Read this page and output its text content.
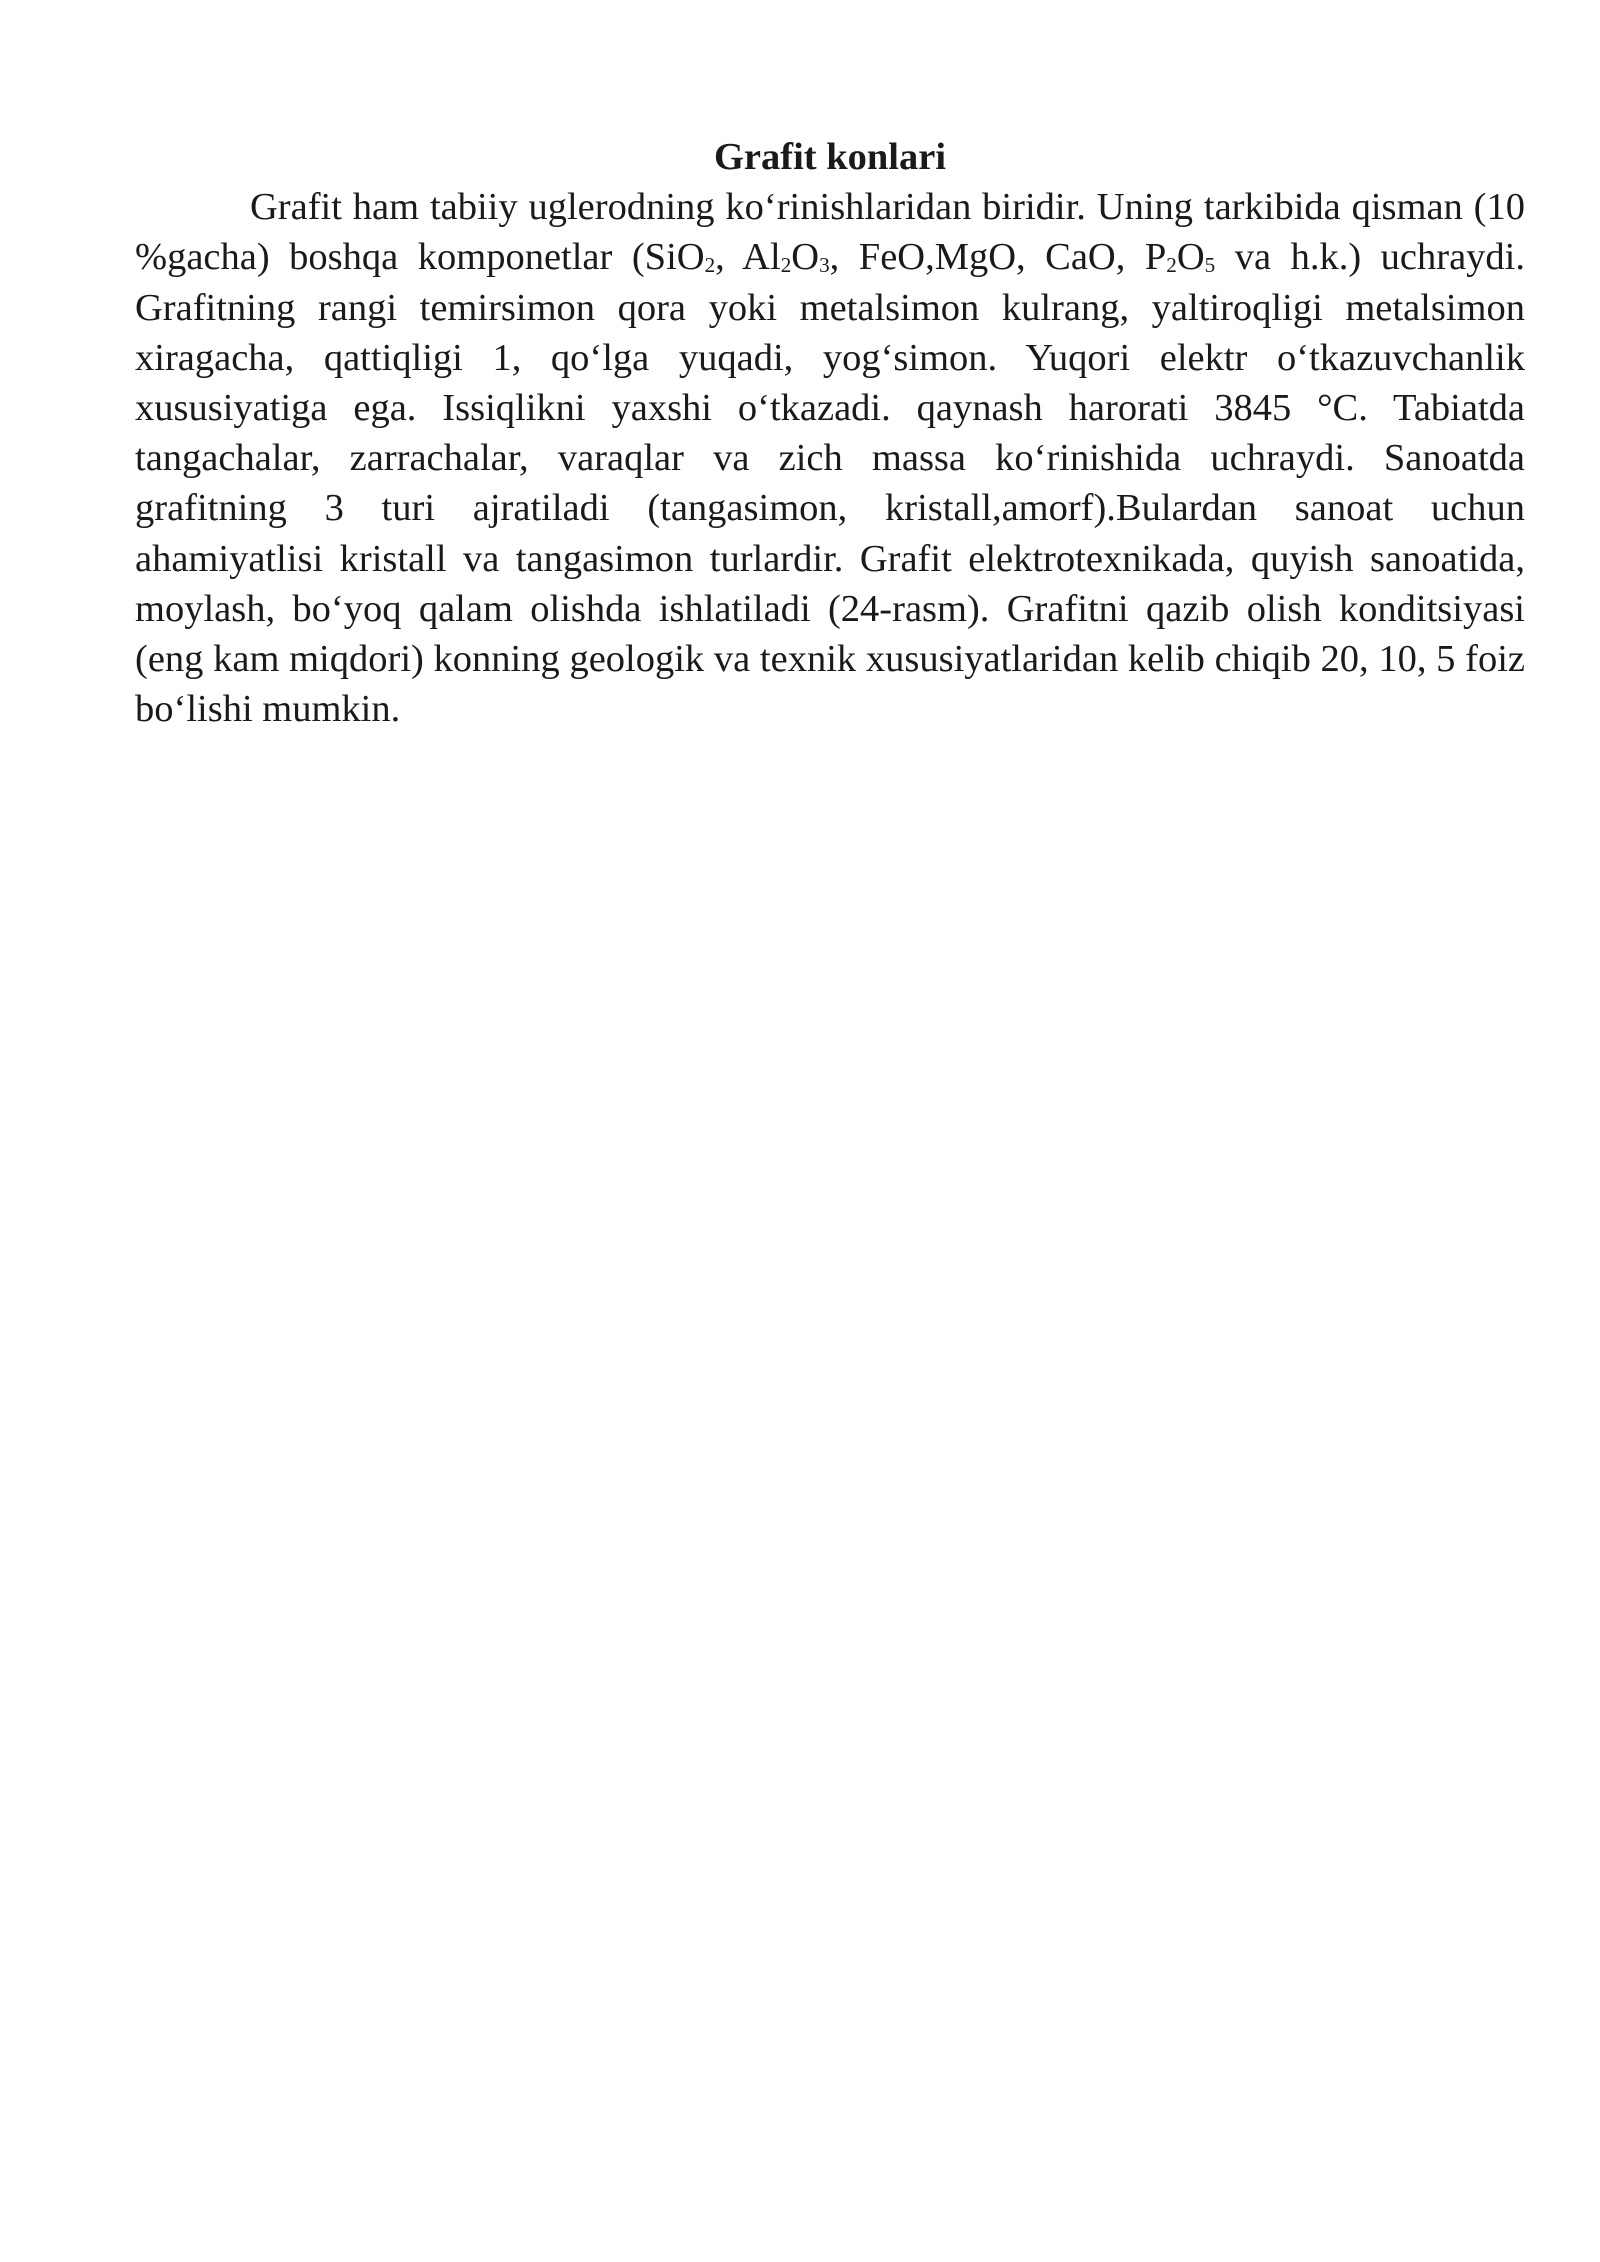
Grafit konlari

Grafit ham tabiiy uglerodning ko‘rinishlaridan biridir. Uning tarkibida qisman (10 %gacha) boshqa komponetlar (SiO$_2$, $Al_2O_3$, FeO,MgO, CaO, $P_2O_5$ va h.k.) uchraydi. Grafitning rangi temirsimon qora yoki metalsimon kulrang, yaltiroqligi metalsimon xiragacha, qattiqligi 1, qo‘lga yuqadi, yog‘simon. Yuqori elektr o‘tkazuvchanlik xususiyatiga ega. Issiqlikni yaxshi o‘tkazadi. qaynash harorati 3845 °C. Tabiatda tangachalar, zarrachalar, varaqlar va zich massa ko‘rinishida uchraydi. Sanoatda grafitning 3 turi ajratiladi (tangasimon, kristall,amorf).Bulardan sanoat uchun ahamiyatlisi kristall va tangasimon turlardir. Grafit elektrotexnikada, quyish sanoatida, moylash, bo‘yoq qalam olishda ishlatiladi (24-rasm). Grafitni qazib olish konditsiyasi (eng kam miqdori) konning geologik va texnik xususiyatlaridan kelib chiqib 20, 10, 5 foiz bo‘lishi mumkin.
